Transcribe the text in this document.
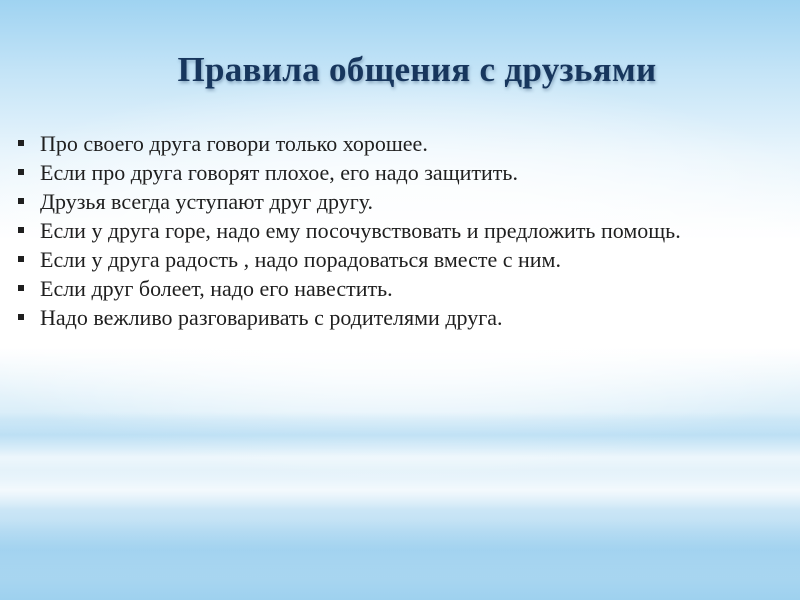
Правила общения с друзьями
Про своего друга говори только хорошее.
Если про друга говорят плохое, его надо защитить.
Друзья всегда уступают друг другу.
Если у друга горе, надо ему посочувствовать и предложить помощь.
Если у друга радость , надо порадоваться вместе с ним.
Если друг болеет, надо его навестить.
Надо вежливо разговаривать с родителями друга.
